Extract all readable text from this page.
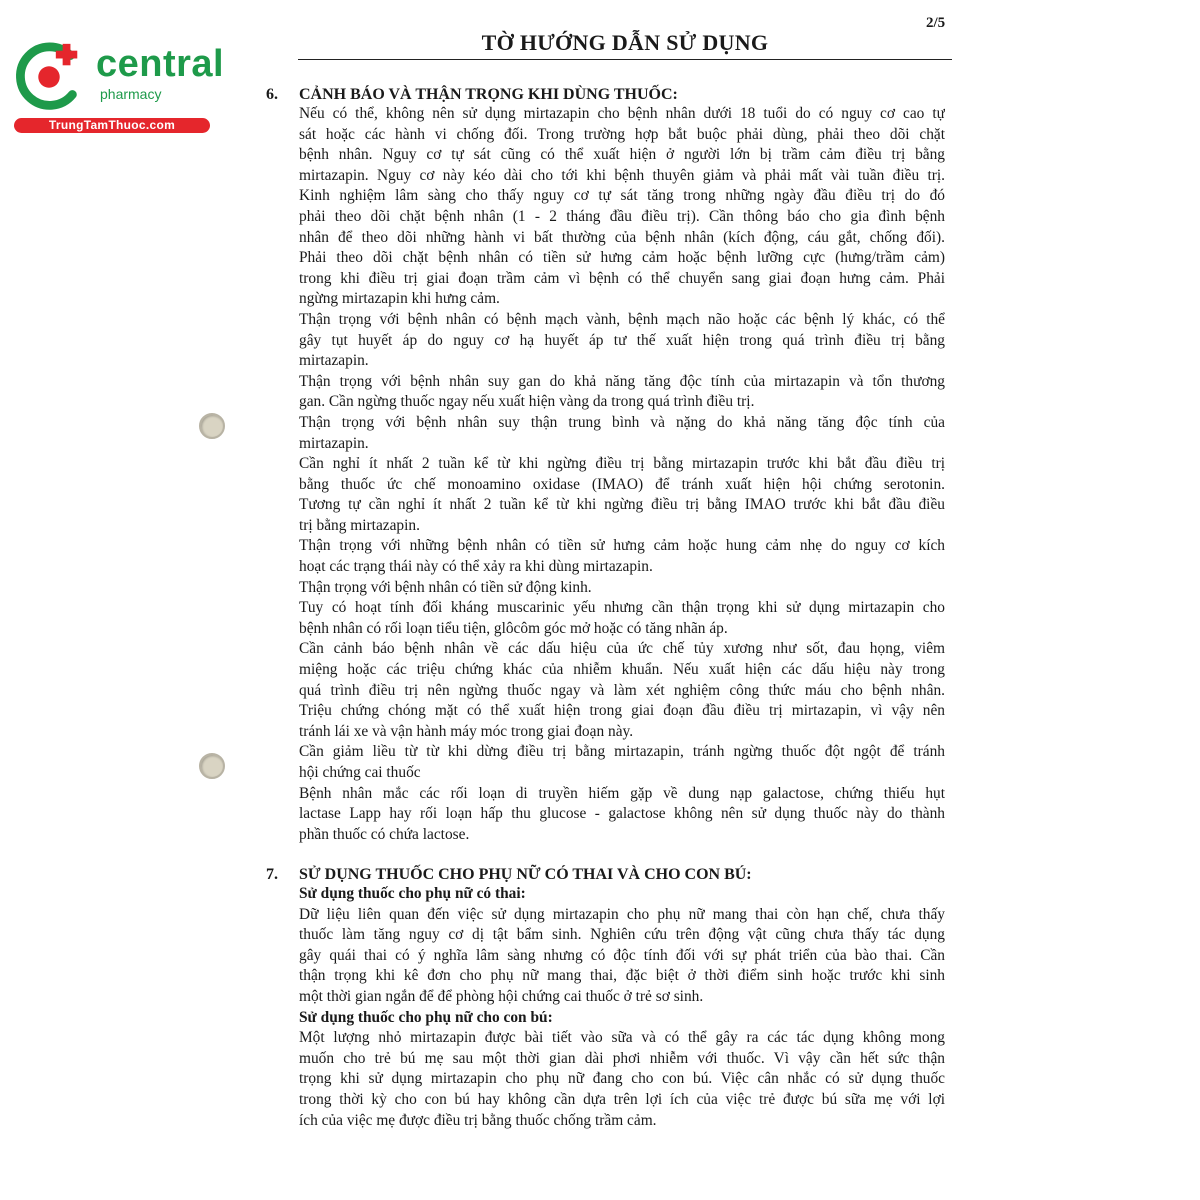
central
pharmacy
TrungTamThuoc.com
2/5
TỜ HƯỚNG DẪN SỬ DỤNG
6. CẢNH BÁO VÀ THẬN TRỌNG KHI DÙNG THUỐC:
Nếu có thể, không nên sử dụng mirtazapin cho bệnh nhân dưới 18 tuổi do có nguy cơ cao tự
sát hoặc các hành vi chống đối. Trong trường hợp bắt buộc phải dùng, phải theo dõi chặt
bệnh nhân. Nguy cơ tự sát cũng có thể xuất hiện ở người lớn bị trầm cảm điều trị bằng
mirtazapin. Nguy cơ này kéo dài cho tới khi bệnh thuyên giảm và phải mất vài tuần điều trị.
Kinh nghiệm lâm sàng cho thấy nguy cơ tự sát tăng trong những ngày đầu điều trị do đó
phải theo dõi chặt bệnh nhân (1 - 2 tháng đầu điều trị). Cần thông báo cho gia đình bệnh
nhân để theo dõi những hành vi bất thường của bệnh nhân (kích động, cáu gắt, chống đối).
Phải theo dõi chặt bệnh nhân có tiền sử hưng cảm hoặc bệnh lưỡng cực (hưng/trầm cảm)
trong khi điều trị giai đoạn trầm cảm vì bệnh có thể chuyển sang giai đoạn hưng cảm. Phải
ngừng mirtazapin khi hưng cảm.
Thận trọng với bệnh nhân có bệnh mạch vành, bệnh mạch não hoặc các bệnh lý khác, có thể
gây tụt huyết áp do nguy cơ hạ huyết áp tư thế xuất hiện trong quá trình điều trị bằng
mirtazapin.
Thận trọng với bệnh nhân suy gan do khả năng tăng độc tính của mirtazapin và tổn thương
gan. Cần ngừng thuốc ngay nếu xuất hiện vàng da trong quá trình điều trị.
Thận trọng với bệnh nhân suy thận trung bình và nặng do khả năng tăng độc tính của
mirtazapin.
Cần nghỉ ít nhất 2 tuần kể từ khi ngừng điều trị bằng mirtazapin trước khi bắt đầu điều trị
bằng thuốc ức chế monoamino oxidase (IMAO) để tránh xuất hiện hội chứng serotonin.
Tương tự cần nghỉ ít nhất 2 tuần kể từ khi ngừng điều trị bằng IMAO trước khi bắt đầu điều
trị bằng mirtazapin.
Thận trọng với những bệnh nhân có tiền sử hưng cảm hoặc hung cảm nhẹ do nguy cơ kích
hoạt các trạng thái này có thể xảy ra khi dùng mirtazapin.
Thận trọng với bệnh nhân có tiền sử động kinh.
Tuy có hoạt tính đối kháng muscarinic yếu nhưng cần thận trọng khi sử dụng mirtazapin cho
bệnh nhân có rối loạn tiểu tiện, glôcôm góc mở hoặc có tăng nhãn áp.
Cần cảnh báo bệnh nhân về các dấu hiệu của ức chế tủy xương như sốt, đau họng, viêm
miệng hoặc các triệu chứng khác của nhiễm khuẩn. Nếu xuất hiện các dấu hiệu này trong
quá trình điều trị nên ngừng thuốc ngay và làm xét nghiệm công thức máu cho bệnh nhân.
Triệu chứng chóng mặt có thể xuất hiện trong giai đoạn đầu điều trị mirtazapin, vì vậy nên
tránh lái xe và vận hành máy móc trong giai đoạn này.
Cần giảm liều từ từ khi dừng điều trị bằng mirtazapin, tránh ngừng thuốc đột ngột để tránh
hội chứng cai thuốc
Bệnh nhân mắc các rối loạn di truyền hiếm gặp về dung nạp galactose, chứng thiếu hụt
lactase Lapp hay rối loạn hấp thu glucose - galactose không nên sử dụng thuốc này do thành
phần thuốc có chứa lactose.
7. SỬ DỤNG THUỐC CHO PHỤ NỮ CÓ THAI VÀ CHO CON BÚ:
Sử dụng thuốc cho phụ nữ có thai:
Dữ liệu liên quan đến việc sử dụng mirtazapin cho phụ nữ mang thai còn hạn chế, chưa thấy
thuốc làm tăng nguy cơ dị tật bẩm sinh. Nghiên cứu trên động vật cũng chưa thấy tác dụng
gây quái thai có ý nghĩa lâm sàng nhưng có độc tính đối với sự phát triển của bào thai. Cần
thận trọng khi kê đơn cho phụ nữ mang thai, đặc biệt ở thời điểm sinh hoặc trước khi sinh
một thời gian ngắn để để phòng hội chứng cai thuốc ở trẻ sơ sinh.
Sử dụng thuốc cho phụ nữ cho con bú:
Một lượng nhỏ mirtazapin được bài tiết vào sữa và có thể gây ra các tác dụng không mong
muốn cho trẻ bú mẹ sau một thời gian dài phơi nhiễm với thuốc. Vì vậy cần hết sức thận
trọng khi sử dụng mirtazapin cho phụ nữ đang cho con bú. Việc cân nhắc có sử dụng thuốc
trong thời kỳ cho con bú hay không cần dựa trên lợi ích của việc trẻ được bú sữa mẹ với lợi
ích của việc mẹ được điều trị bằng thuốc chống trầm cảm.
